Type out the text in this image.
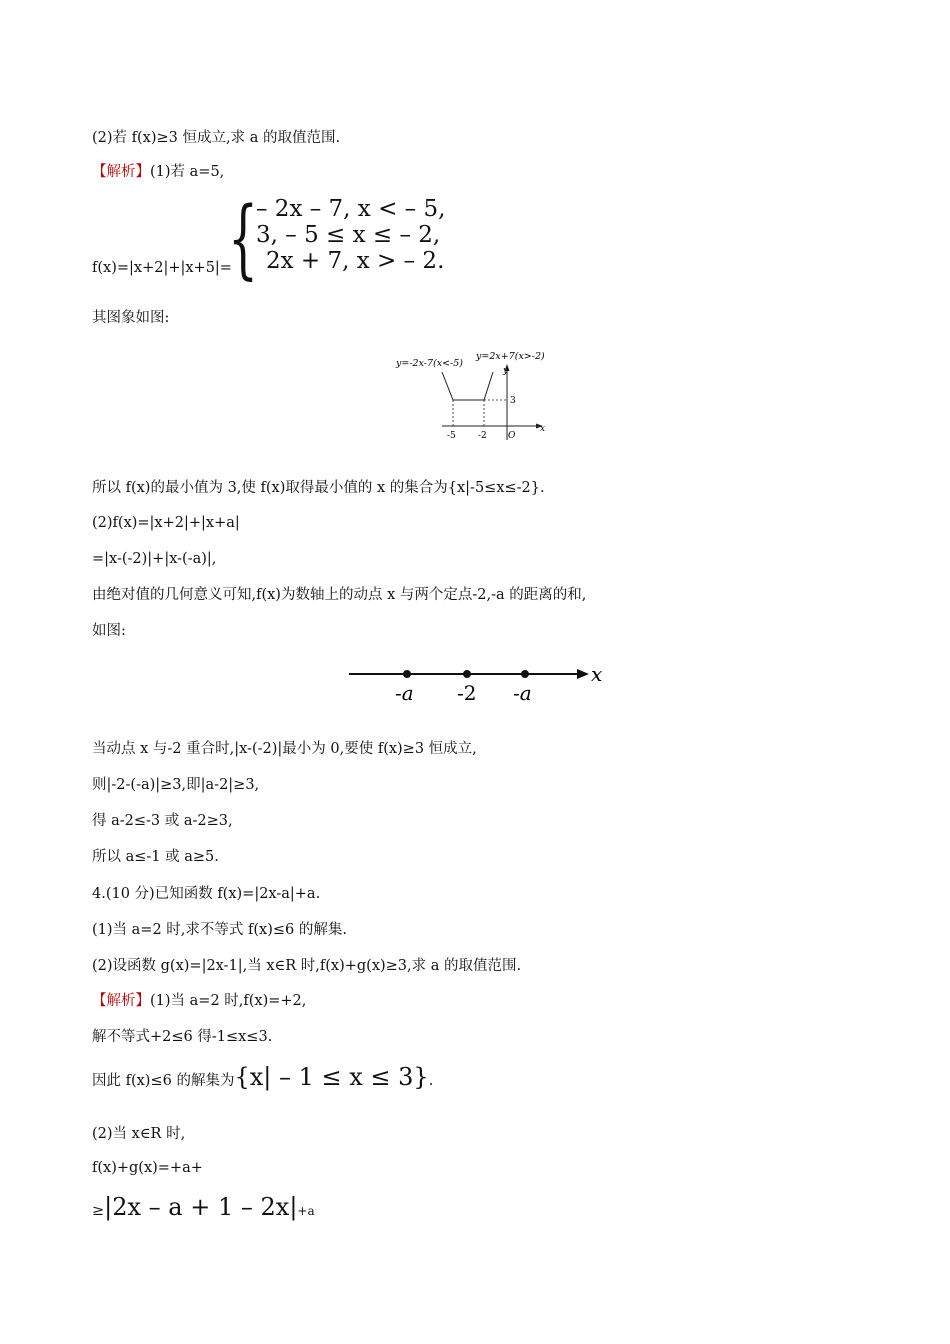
(2)若 f(x)≥3 恒成立,求 a 的取值范围.
【解析】(1)若 a=5,
f(x)=|x+2|+|x+5|=
{
– 2x – 7, x < – 5,
3, – 5 ≤ x ≤ – 2,
2x + 7, x > – 2.
其图象如图:
y=-2x-7(x<-5)
y=2x+7(x>-2)
y
x
3
-5 -2 O
所以 f(x)的最小值为 3,使 f(x)取得最小值的 x 的集合为{x|-5≤x≤-2}.
(2)f(x)=|x+2|+|x+a|
=|x-(-2)|+|x-(-a)|,
由绝对值的几何意义可知,f(x)为数轴上的动点 x 与两个定点-2,-a 的距离的和,
如图:
x
-a -2 -a
当动点 x 与-2 重合时,|x-(-2)|最小为 0,要使 f(x)≥3 恒成立,
则|-2-(-a)|≥3,即|a-2|≥3,
得 a-2≤-3 或 a-2≥3,
所以 a≤-1 或 a≥5.
4.(10 分)已知函数 f(x)=|2x-a|+a.
(1)当 a=2 时,求不等式 f(x)≤6 的解集.
(2)设函数 g(x)=|2x-1|,当 x∈R 时,f(x)+g(x)≥3,求 a 的取值范围.
【解析】(1)当 a=2 时,f(x)=+2,
解不等式+2≤6 得-1≤x≤3.
因此 f(x)≤6 的解集为{x| – 1 ≤ x ≤ 3}.
(2)当 x∈R 时,
f(x)+g(x)=+a+
≥|2x – a + 1 – 2x|+a
